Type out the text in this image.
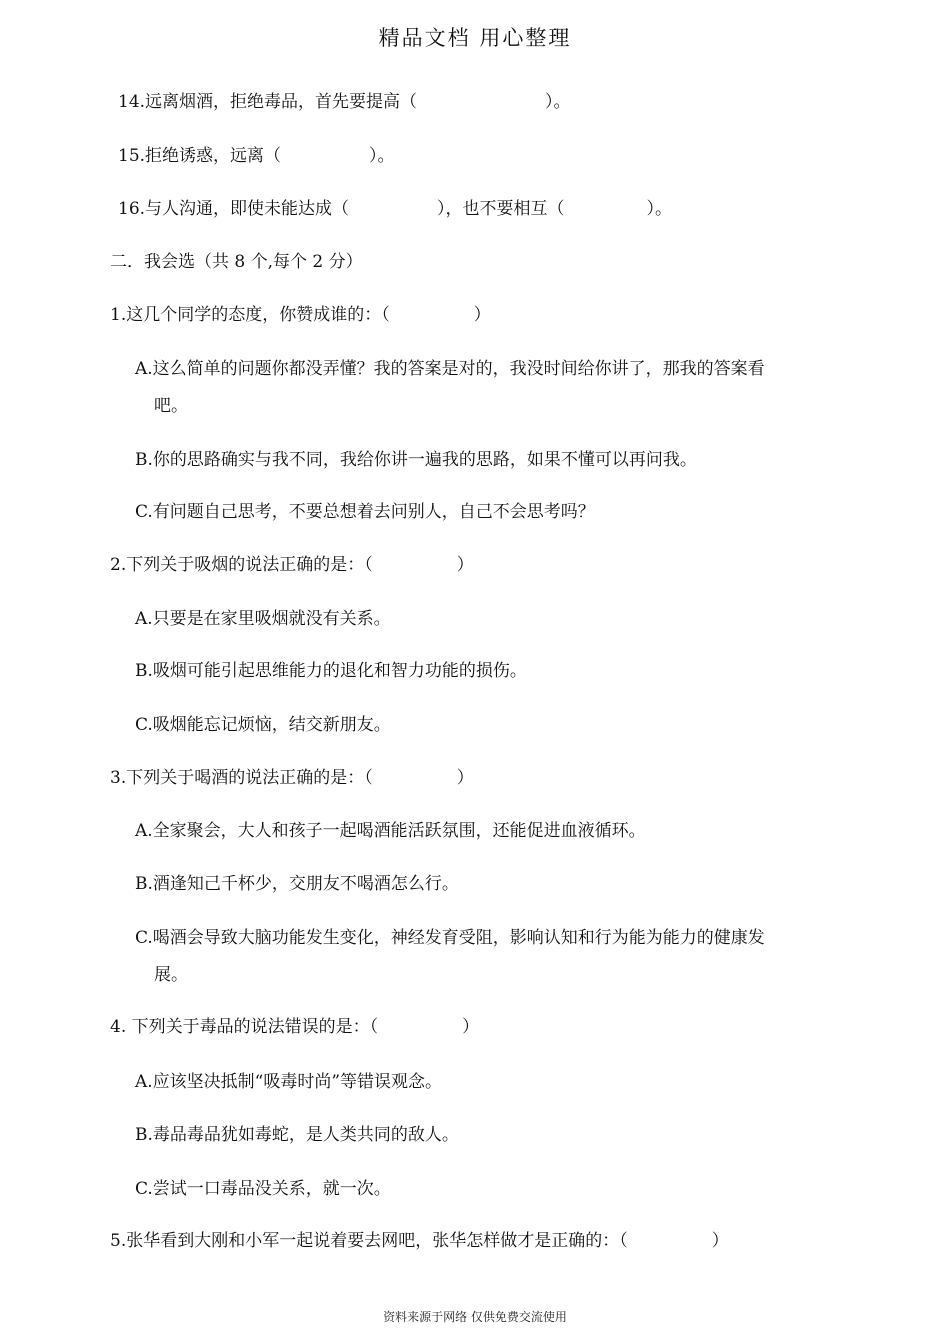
精品文档 用心整理
14.远离烟酒，拒绝毒品，首先要提高（	）。
15.拒绝诱惑，远离（	）。
16.与人沟通，即使未能达成（	），也不要相互（	）。
二．我会选（共 8 个,每个 2 分）
1.这几个同学的态度，你赞成谁的：（	）
A.这么简单的问题你都没弄懂？我的答案是对的，我没时间给你讲了，那我的答案看
吧。
B.你的思路确实与我不同，我给你讲一遍我的思路，如果不懂可以再问我。
C.有问题自己思考，不要总想着去问别人，自己不会思考吗？
2.下列关于吸烟的说法正确的是：（	）
A.只要是在家里吸烟就没有关系。
B.吸烟可能引起思维能力的退化和智力功能的损伤。
C.吸烟能忘记烦恼，结交新朋友。
3.下列关于喝酒的说法正确的是：（	）
A.全家聚会，大人和孩子一起喝酒能活跃氛围，还能促进血液循环。
B.酒逢知己千杯少，交朋友不喝酒怎么行。
C.喝酒会导致大脑功能发生变化，神经发育受阻，影响认知和行为能为能力的健康发
展。
4. 下列关于毒品的说法错误的是：（	）
A.应该坚决抵制“吸毒时尚”等错误观念。
B.毒品毒品犹如毒蛇，是人类共同的敌人。
C.尝试一口毒品没关系，就一次。
5.张华看到大刚和小军一起说着要去网吧，张华怎样做才是正确的：（	）
资料来源于网络 仅供免费交流使用
